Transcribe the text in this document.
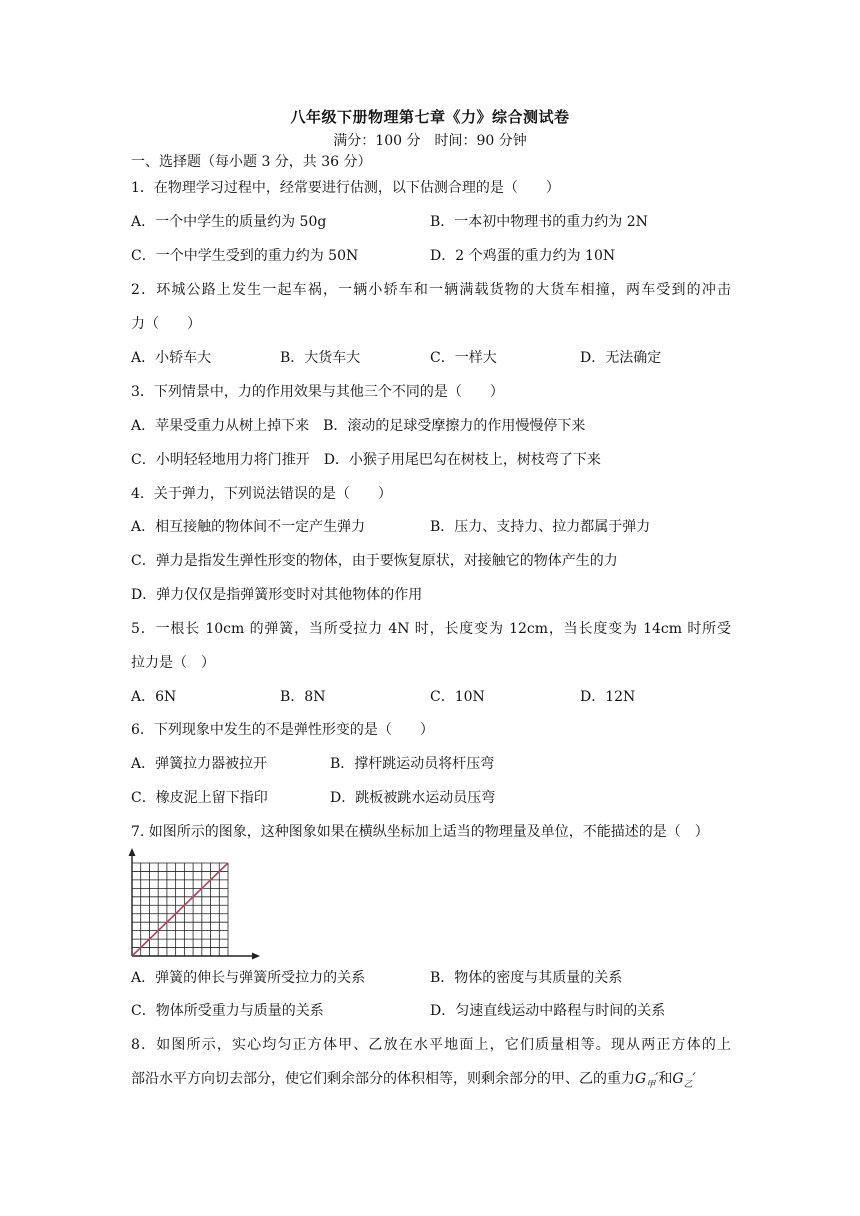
八年级下册物理第七章《力》综合测试卷
满分：100 分　时间：90 分钟
一、选择题（每小题 3 分，共 36 分）
1．在物理学习过程中，经常要进行估测，以下估测合理的是（　　）
A．一个中学生的质量约为 50g	B．一本初中物理书的重力约为 2N
C．一个中学生受到的重力约为 50N	D．2 个鸡蛋的重力约为 10N
2．环城公路上发生一起车祸，一辆小轿车和一辆满载货物的大货车相撞，两车受到的冲击
力（　　）
A．小轿车大	B．大货车大	C．一样大	D．无法确定
3．下列情景中，力的作用效果与其他三个不同的是（　　）
A．苹果受重力从树上掉下来　B．滚动的足球受摩擦力的作用慢慢停下来
C．小明轻轻地用力将门推开　D．小猴子用尾巴勾在树枝上，树枝弯了下来
4．关于弹力，下列说法错误的是（　　）
A．相互接触的物体间不一定产生弹力	B．压力、支持力、拉力都属于弹力
C．弹力是指发生弹性形变的物体，由于要恢复原状，对接触它的物体产生的力
D．弹力仅仅是指弹簧形变时对其他物体的作用
5．一根长 10cm 的弹簧，当所受拉力 4N 时，长度变为 12cm，当长度变为 14cm 时所受
拉力是（　）
A．6N	B．8N	C．10N	D．12N
6．下列现象中发生的不是弹性形变的是（　　）
A．弹簧拉力器被拉开	B．撑杆跳运动员将杆压弯
C．橡皮泥上留下指印	D．跳板被跳水运动员压弯
7. 如图所示的图象，这种图象如果在横纵坐标加上适当的物理量及单位，不能描述的是（　）
A．弹簧的伸长与弹簧所受拉力的关系	B．物体的密度与其质量的关系
C．物体所受重力与质量的关系	D．匀速直线运动中路程与时间的关系
8．如图所示，实心均匀正方体甲、乙放在水平地面上，它们质量相等。现从两正方体的上
部沿水平方向切去部分，使它们剩余部分的体积相等，则剩余部分的甲、乙的重力$G_甲'$和$G_乙'$
